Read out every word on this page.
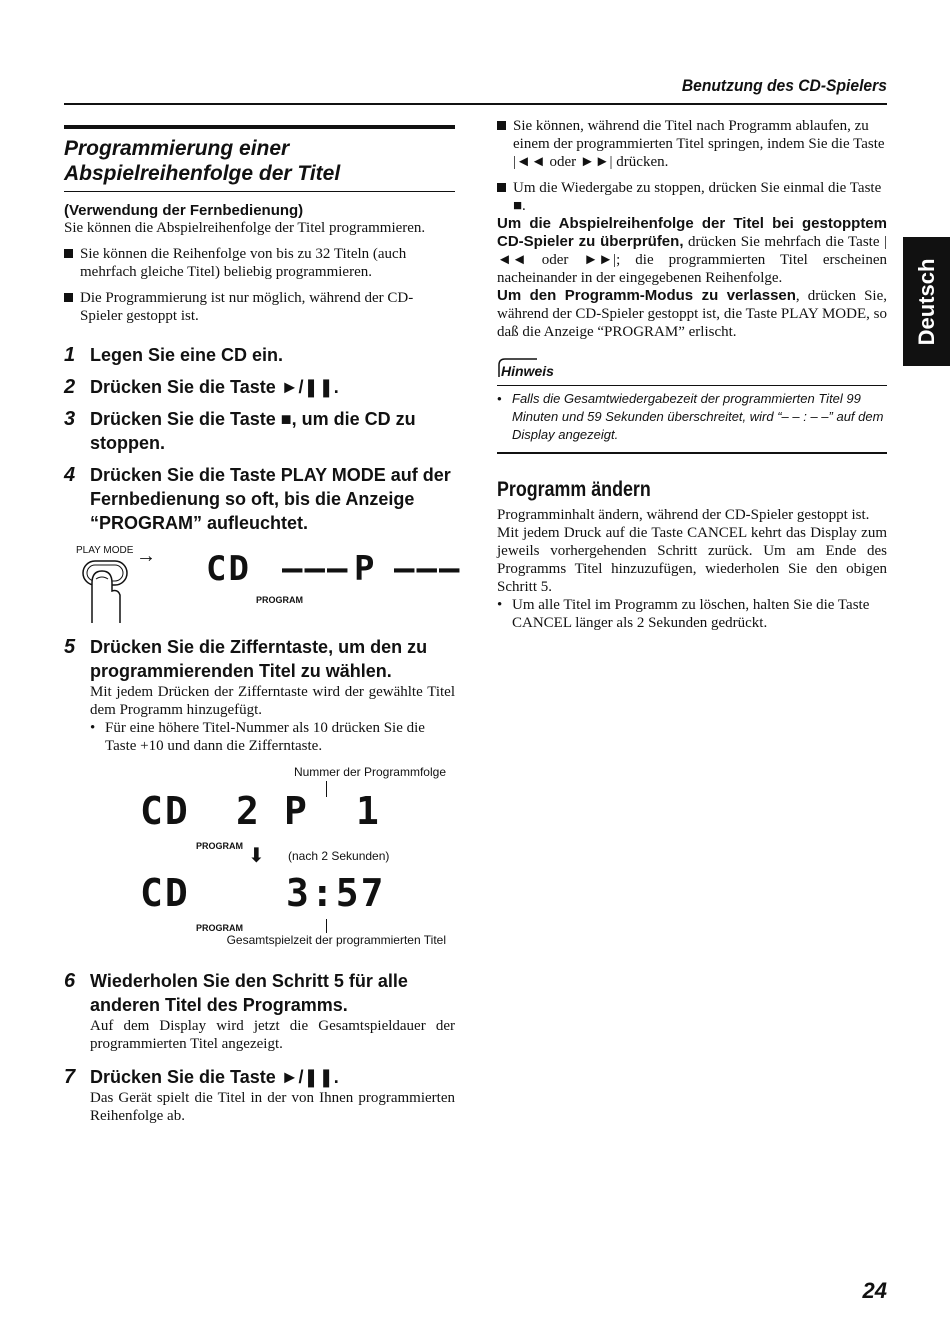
Benutzung des CD-Spielers
Deutsch
Programmierung einer
Abspielreihenfolge der Titel
(Verwendung der Fernbedienung)
Sie können die Abspielreihenfolge der Titel programmieren.
Sie können die Reihenfolge von bis zu 32 Titeln (auch mehrfach gleiche Titel) beliebig programmieren.
Die Programmierung ist nur möglich, während der CD-Spieler gestoppt ist.
1 Legen Sie eine CD ein.
2 Drücken Sie die Taste ►/❚❚.
3 Drücken Sie die Taste ■, um die CD zu stoppen.
4 Drücken Sie die Taste PLAY MODE auf der Fernbedienung so oft, bis die Anzeige “PROGRAM” aufleuchtet.
PLAY MODE → CD ––– P –––
PROGRAM
5 Drücken Sie die Zifferntaste, um den zu programmierenden Titel zu wählen.
Mit jedem Drücken der Zifferntaste wird der gewählte Titel dem Programm hinzugefügt.
• Für eine höhere Titel-Nummer als 10 drücken Sie die Taste +10 und dann die Zifferntaste.
Nummer der Programmfolge
CD 2 P 1
PROGRAM ⬇ (nach 2 Sekunden)
CD	3:57
PROGRAM
Gesamtspielzeit der programmierten Titel
6 Wiederholen Sie den Schritt 5 für alle anderen Titel des Programms.
Auf dem Display wird jetzt die Gesamtspieldauer der programmierten Titel angezeigt.
7 Drücken Sie die Taste ►/❚❚.
Das Gerät spielt die Titel in der von Ihnen programmierten Reihenfolge ab.
Sie können, während die Titel nach Programm ablaufen, zu einem der programmierten Titel springen, indem Sie die Taste |◄◄ oder ►►| drücken.
Um die Wiedergabe zu stoppen, drücken Sie einmal die Taste ■.
Um die Abspielreihenfolge der Titel bei gestopptem CD-Spieler zu überprüfen, drücken Sie mehrfach die Taste |◄◄ oder ►►|; die programmierten Titel erscheinen nacheinander in der eingegebenen Reihenfolge.
Um den Programm-Modus zu verlassen, drücken Sie, während der CD-Spieler gestoppt ist, die Taste PLAY MODE, so daß die Anzeige “PROGRAM” erlischt.
Hinweis
• Falls die Gesamtwiedergabezeit der programmierten Titel 99 Minuten und 59 Sekunden überschreitet, wird “– – : – –” auf dem Display angezeigt.
Programm ändern
Programminhalt ändern, während der CD-Spieler gestoppt ist.
Mit jedem Druck auf die Taste CANCEL kehrt das Display zum jeweils vorhergehenden Schritt zurück. Um am Ende des Programms Titel hinzuzufügen, wiederholen Sie den obigen Schritt 5.
• Um alle Titel im Programm zu löschen, halten Sie die Taste CANCEL länger als 2 Sekunden gedrückt.
24
